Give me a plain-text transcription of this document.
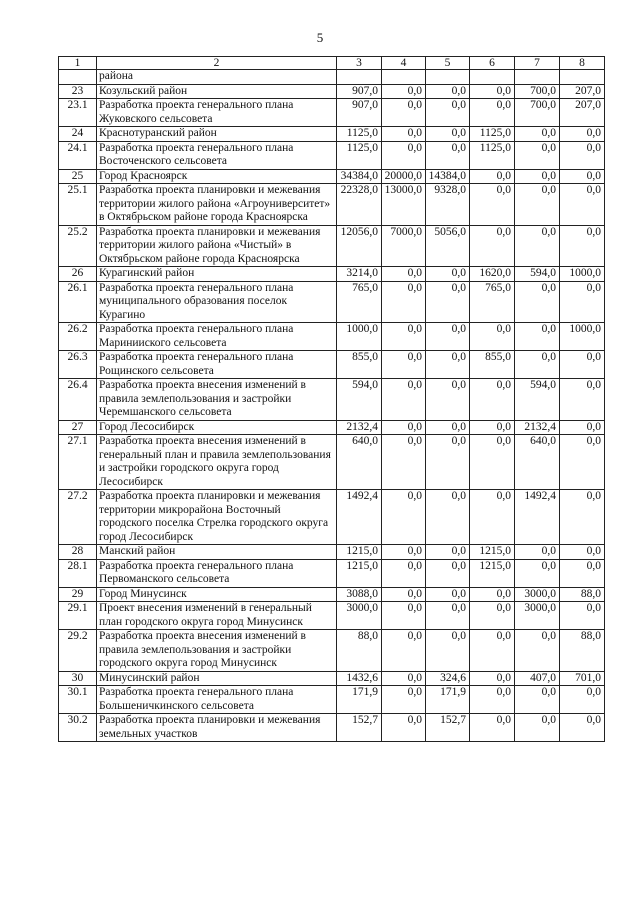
5
1	2	3	4	5	6	7	8
	района						
23	Козульский район	907,0	0,0	0,0	0,0	700,0	207,0
23.1	Разработка проекта генерального плана Жуковского сельсовета	907,0	0,0	0,0	0,0	700,0	207,0
24	Краснотуранский район	1125,0	0,0	0,0	1125,0	0,0	0,0
24.1	Разработка проекта генерального плана Восточенского сельсовета	1125,0	0,0	0,0	1125,0	0,0	0,0
25	Город Красноярск	34384,0	20000,0	14384,0	0,0	0,0	0,0
25.1	Разработка проекта планировки и межевания территории жилого района «Агроуниверситет» в Октябрьском районе города Красноярска	22328,0	13000,0	9328,0	0,0	0,0	0,0
25.2	Разработка проекта планировки и межевания территории жилого района «Чистый» в Октябрьском районе города Красноярска	12056,0	7000,0	5056,0	0,0	0,0	0,0
26	Курагинский район	3214,0	0,0	0,0	1620,0	594,0	1000,0
26.1	Разработка проекта генерального плана муниципального образования поселок Курагино	765,0	0,0	0,0	765,0	0,0	0,0
26.2	Разработка проекта генерального плана Маринииского сельсовета	1000,0	0,0	0,0	0,0	0,0	1000,0
26.3	Разработка проекта генерального плана Рощинского сельсовета	855,0	0,0	0,0	855,0	0,0	0,0
26.4	Разработка проекта внесения изменений в правила землепользования и застройки Черемшанского сельсовета	594,0	0,0	0,0	0,0	594,0	0,0
27	Город Лесосибирск	2132,4	0,0	0,0	0,0	2132,4	0,0
27.1	Разработка проекта внесения изменений в генеральный план и правила землепользования и застройки городского округа город Лесосибирск	640,0	0,0	0,0	0,0	640,0	0,0
27.2	Разработка проекта планировки и межевания территории микрорайона Восточный городского поселка Стрелка городского округа город Лесосибирск	1492,4	0,0	0,0	0,0	1492,4	0,0
28	Манский район	1215,0	0,0	0,0	1215,0	0,0	0,0
28.1	Разработка проекта генерального плана Первоманского сельсовета	1215,0	0,0	0,0	1215,0	0,0	0,0
29	Город Минусинск	3088,0	0,0	0,0	0,0	3000,0	88,0
29.1	Проект внесения изменений в генеральный план городского округа город Минусинск	3000,0	0,0	0,0	0,0	3000,0	0,0
29.2	Разработка проекта внесения изменений в правила землепользования и застройки городского округа город Минусинск	88,0	0,0	0,0	0,0	0,0	88,0
30	Минусинский район	1432,6	0,0	324,6	0,0	407,0	701,0
30.1	Разработка проекта генерального плана Большеничкинского сельсовета	171,9	0,0	171,9	0,0	0,0	0,0
30.2	Разработка проекта планировки и межевания земельных участков	152,7	0,0	152,7	0,0	0,0	0,0
